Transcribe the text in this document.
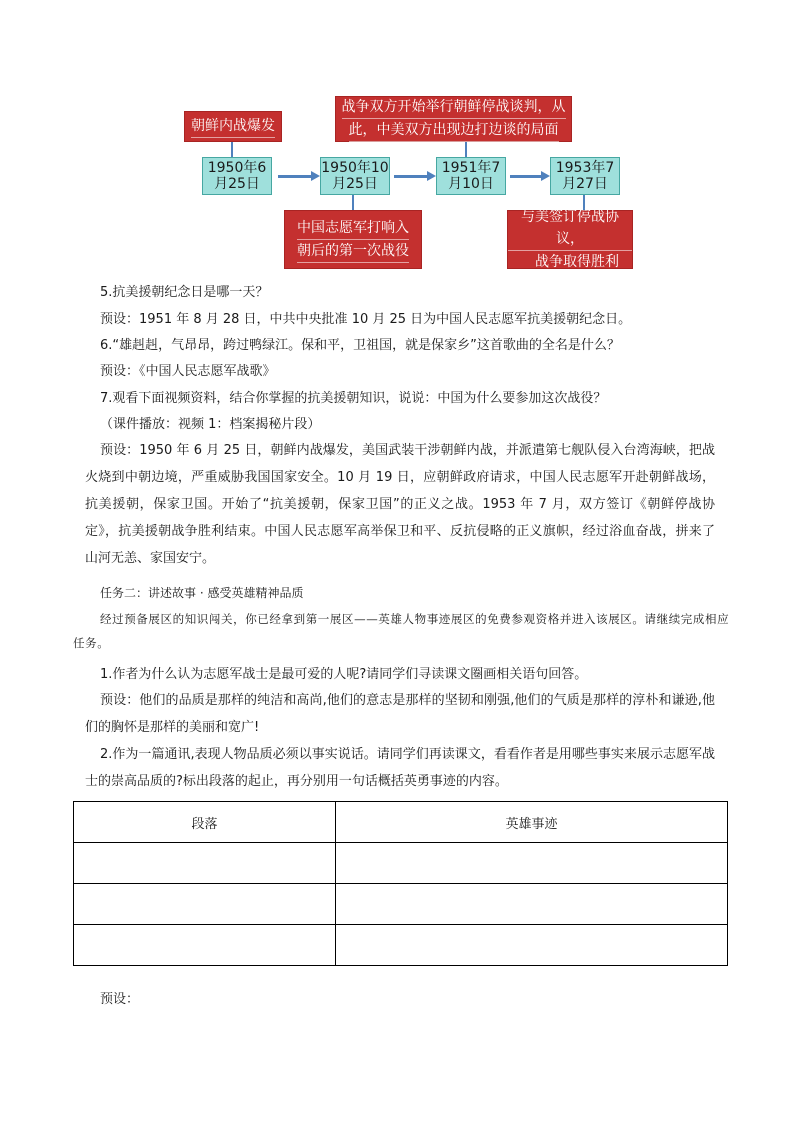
朝鲜内战爆发
战争双方开始举行朝鲜停战谈判，从
此，中美双方出现边打边谈的局面
1950年6
月25日
1950年10
月25日
1951年7
月10日
1953年7
月27日
中国志愿军打响入
朝后的第一次战役
与美签订停战协议，
战争取得胜利
5.抗美援朝纪念日是哪一天？
预设：1951 年 8 月 28 日，中共中央批准 10 月 25 日为中国人民志愿军抗美援朝纪念日。
6.“雄赳赳，气昂昂，跨过鸭绿江。保和平，卫祖国，就是保家乡”这首歌曲的全名是什么？
预设：《中国人民志愿军战歌》
7.观看下面视频资料，结合你掌握的抗美援朝知识，说说：中国为什么要参加这次战役？
（课件播放：视频 1：档案揭秘片段）

预设：1950 年 6 月 25 日，朝鲜内战爆发，美国武装干涉朝鲜内战，并派遣第七舰队侵入台湾海峡，把战火烧到中朝边境，严重威胁我国国家安全。10 月 19 日，应朝鲜政府请求，中国人民志愿军开赴朝鲜战场，抗美援朝，保家卫国。开始了“抗美援朝，保家卫国”的正义之战。1953 年 7 月，双方签订《朝鲜停战协定》，抗美援朝战争胜利结束。中国人民志愿军高举保卫和平、反抗侵略的正义旗帜，经过浴血奋战，拼来了山河无恙、家国安宁。

任务二：讲述故事 · 感受英雄精神品质

经过预备展区的知识闯关，你已经拿到第一展区——英雄人物事迹展区的免费参观资格并进入该展区。请继续完成相应任务。

1.作者为什么认为志愿军战士是最可爱的人呢?请同学们寻读课文圈画相关语句回答。

预设：他们的品质是那样的纯洁和高尚,他们的意志是那样的坚韧和刚强,他们的气质是那样的淳朴和谦逊,他们的胸怀是那样的美丽和宽广!

2.作为一篇通讯,表现人物品质必须以事实说话。请同学们再读课文，看看作者是用哪些事实来展示志愿军战士的崇高品质的?标出段落的起止，再分别用一句话概括英勇事迹的内容。

段落	英雄事迹

预设：
